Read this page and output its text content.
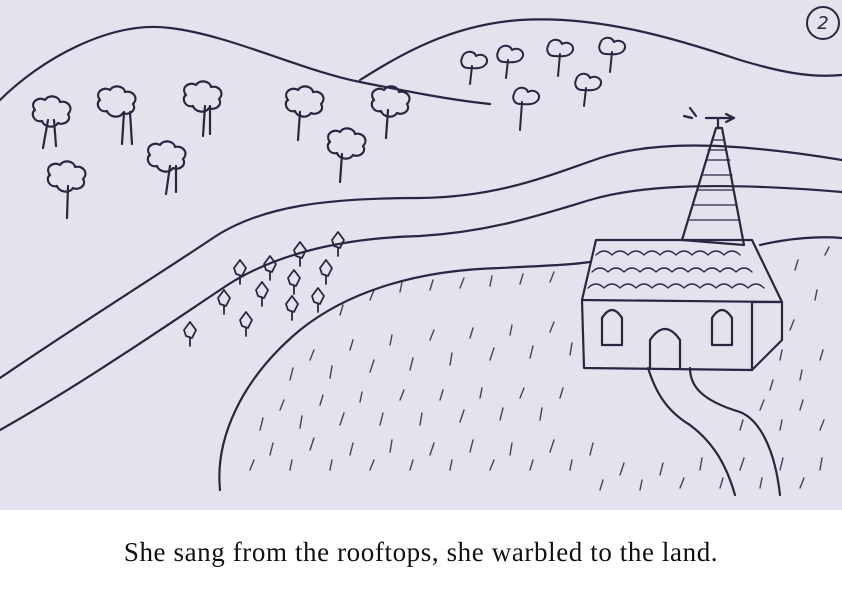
2
She sang from the rooftops, she warbled to the land.
